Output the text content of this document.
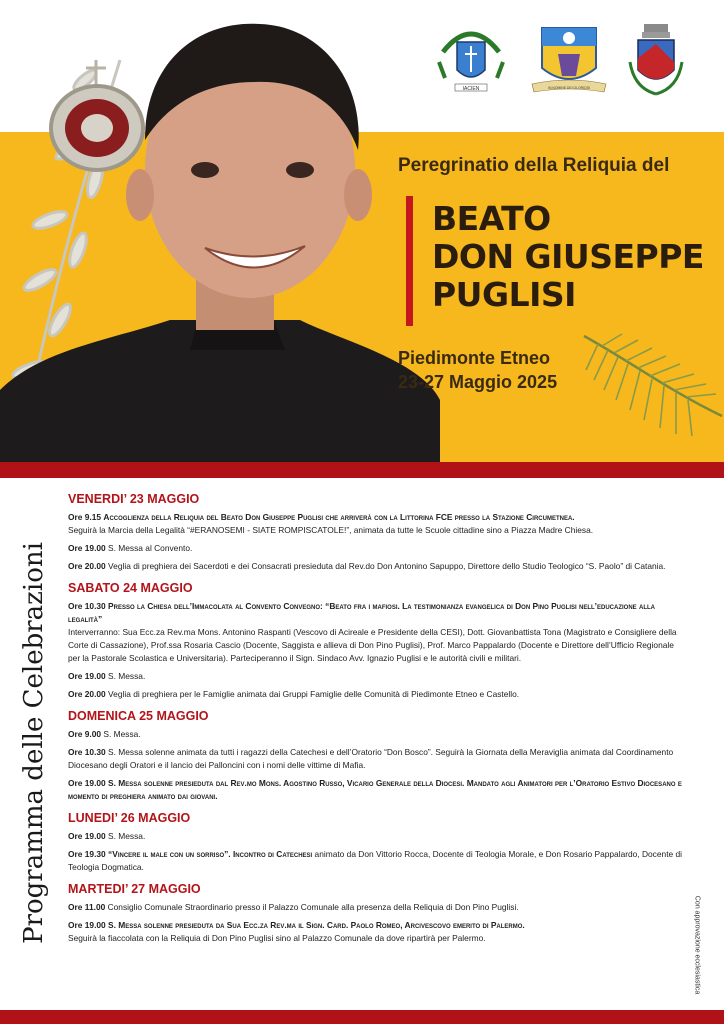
IACIEN	IN NOMINE DEI GLORIOSI
Peregrinatio della Reliquia del
BEATO
DON GIUSEPPE
PUGLISI
Piedimonte Etneo
23-27 Maggio 2025
Programma delle Celebrazioni
Con approvazione ecclesiastica
VENERDI’ 23 MAGGIO
Ore 9.15 Accoglienza della Reliquia del Beato Don Giuseppe Puglisi che arriverà con la Littorina FCE presso la Stazione Circumetnea.
Seguirà la Marcia della Legalità “#ERANOSEMI - SIATE ROMPISCATOLE!”, animata da tutte le Scuole cittadine sino a Piazza Madre Chiesa.
Ore 19.00 S. Messa al Convento.
Ore 20.00 Veglia di preghiera dei Sacerdoti e dei Consacrati presieduta dal Rev.do Don Antonino Sapuppo, Direttore dello Studio Teologico “S. Paolo” di Catania.
SABATO 24 MAGGIO
Ore 10.30 Presso la Chiesa dell’Immacolata al Convento Convegno: “Beato fra i mafiosi. La testimonianza evangelica di Don Pino Puglisi nell’educazione alla legalità”
Interverranno: Sua Ecc.za Rev.ma Mons. Antonino Raspanti (Vescovo di Acireale e Presidente della CESI), Dott. Giovanbattista Tona (Magistrato e Consigliere della Corte di Cassazione), Prof.ssa Rosaria Cascio (Docente, Saggista e allieva di Don Pino Puglisi), Prof. Marco Pappalardo (Docente e Direttore dell’Ufficio Regionale per la Pastorale Scolastica e Universitaria). Parteciperanno il Sign. Sindaco Avv. Ignazio Puglisi e le autorità civili e militari.
Ore 19.00 S. Messa.
Ore 20.00 Veglia di preghiera per le Famiglie animata dai Gruppi Famiglie delle Comunità di Piedimonte Etneo e Castello.
DOMENICA 25 MAGGIO
Ore 9.00 S. Messa.
Ore 10.30 S. Messa solenne animata da tutti i ragazzi della Catechesi e dell’Oratorio “Don Bosco”. Seguirà la Giornata della Meraviglia animata dal Coordinamento Diocesano degli Oratori e il lancio dei Palloncini con i nomi delle vittime di Mafia.
Ore 19.00 S. Messa solenne presieduta dal Rev.mo Mons. Agostino Russo, Vicario Generale della Diocesi. Mandato agli Animatori per l’Oratorio Estivo Diocesano e momento di preghiera animato dai giovani.
LUNEDI’ 26 MAGGIO
Ore 19.00 S. Messa.
Ore 19.30 “Vincere il male con un sorriso”. Incontro di Catechesi animato da Don Vittorio Rocca, Docente di Teologia Morale, e Don Rosario Pappalardo, Docente di Teologia Dogmatica.
MARTEDI’ 27 MAGGIO
Ore 11.00 Consiglio Comunale Straordinario presso il Palazzo Comunale alla presenza della Reliquia di Don Pino Puglisi.
Ore 19.00 S. Messa solenne presieduta da Sua Ecc.za Rev.ma il Sign. Card. Paolo Romeo, Arcivescovo emerito di Palermo.
Seguirà la fiaccolata con la Reliquia di Don Pino Puglisi sino al Palazzo Comunale da dove ripartirà per Palermo.
